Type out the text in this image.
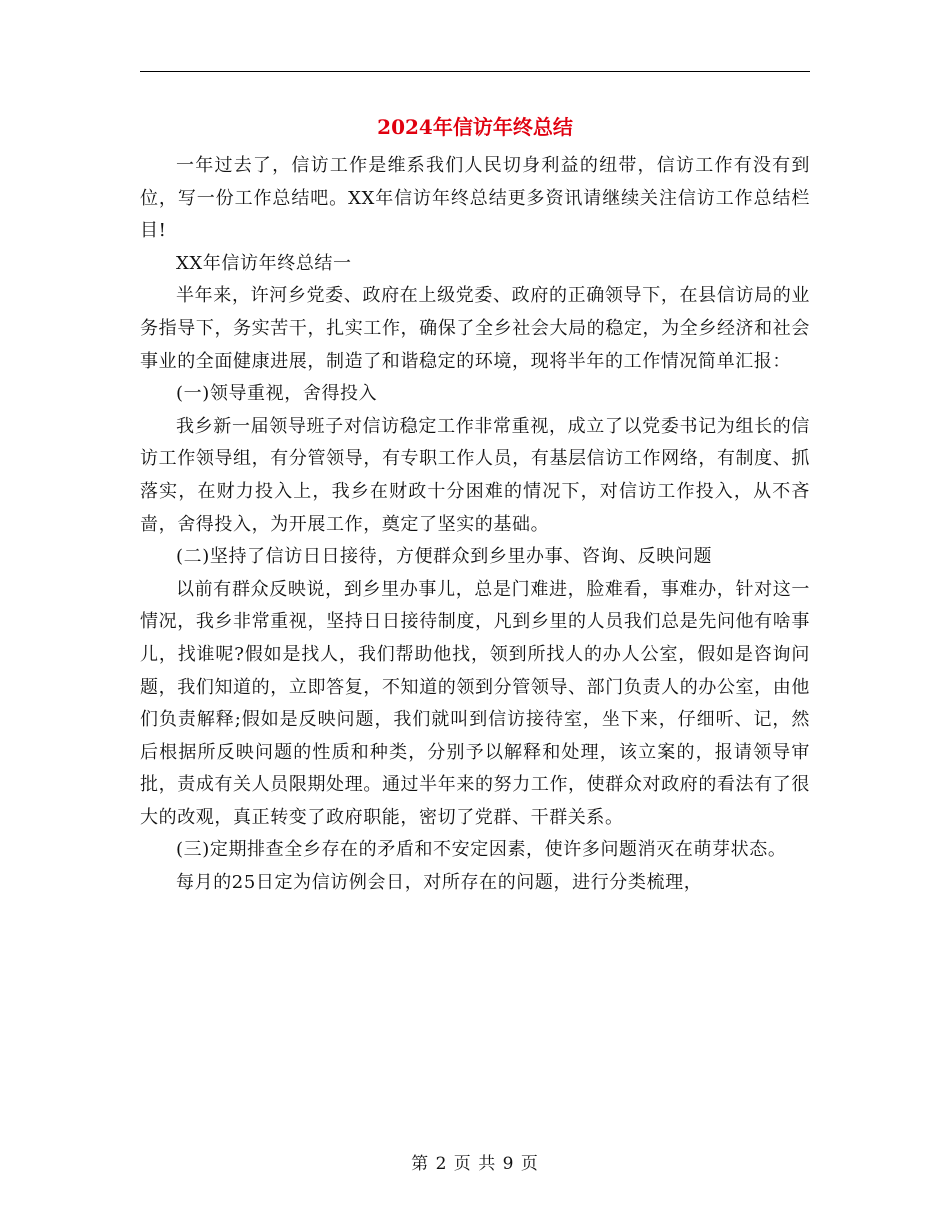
2024年信访年终总结

一年过去了，信访工作是维系我们人民切身利益的纽带，信访工作有没有到位，写一份工作总结吧。XX年信访年终总结更多资讯请继续关注信访工作总结栏目!

XX年信访年终总结一

半年来，许河乡党委、政府在上级党委、政府的正确领导下，在县信访局的业务指导下，务实苦干，扎实工作，确保了全乡社会大局的稳定，为全乡经济和社会事业的全面健康进展，制造了和谐稳定的环境，现将半年的工作情况简单汇报：

(一)领导重视，舍得投入

我乡新一届领导班子对信访稳定工作非常重视，成立了以党委书记为组长的信访工作领导组，有分管领导，有专职工作人员，有基层信访工作网络，有制度、抓落实，在财力投入上，我乡在财政十分困难的情况下，对信访工作投入，从不吝啬，舍得投入，为开展工作，奠定了坚实的基础。

(二)坚持了信访日日接待，方便群众到乡里办事、咨询、反映问题

以前有群众反映说，到乡里办事儿，总是门难进，脸难看，事难办，针对这一情况，我乡非常重视，坚持日日接待制度，凡到乡里的人员我们总是先问他有啥事儿，找谁呢?假如是找人，我们帮助他找，领到所找人的办人公室，假如是咨询问题，我们知道的，立即答复，不知道的领到分管领导、部门负责人的办公室，由他们负责解释;假如是反映问题，我们就叫到信访接待室，坐下来，仔细听、记，然后根据所反映问题的性质和种类，分别予以解释和处理，该立案的，报请领导审批，责成有关人员限期处理。通过半年来的努力工作，使群众对政府的看法有了很大的改观，真正转变了政府职能，密切了党群、干群关系。

(三)定期排查全乡存在的矛盾和不安定因素，使许多问题消灭在萌芽状态。

每月的25日定为信访例会日，对所存在的问题，进行分类梳理，

第 2 页 共 9 页
